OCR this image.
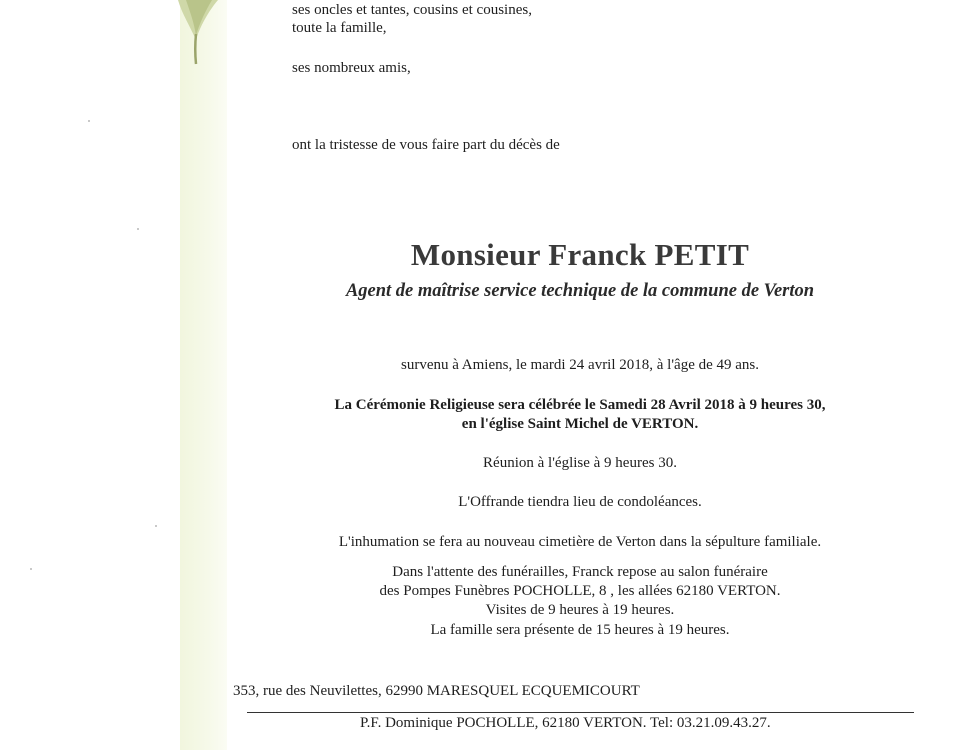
ses oncles et tantes, cousins et cousines,
toute la famille,
ses nombreux amis,
ont la tristesse de vous faire part du décès de
Monsieur Franck PETIT
Agent de maîtrise service technique de la commune de Verton
survenu à Amiens, le mardi 24 avril 2018, à l'âge de 49 ans.
La Cérémonie Religieuse sera célébrée le Samedi 28 Avril 2018 à 9 heures 30,
en l'église Saint Michel de VERTON.
Réunion à l'église à 9 heures 30.
L'Offrande tiendra lieu de condoléances.
L'inhumation se fera au nouveau cimetière de Verton dans la sépulture familiale.
Dans l'attente des funérailles, Franck repose au salon funéraire
des Pompes Funèbres POCHOLLE, 8 , les allées 62180 VERTON.
Visites de 9 heures à 19 heures.
La famille sera présente de 15 heures à 19 heures.
353, rue des Neuvilettes, 62990 MARESQUEL ECQUEMICOURT
P.F. Dominique POCHOLLE, 62180 VERTON. Tel: 03.21.09.43.27.
